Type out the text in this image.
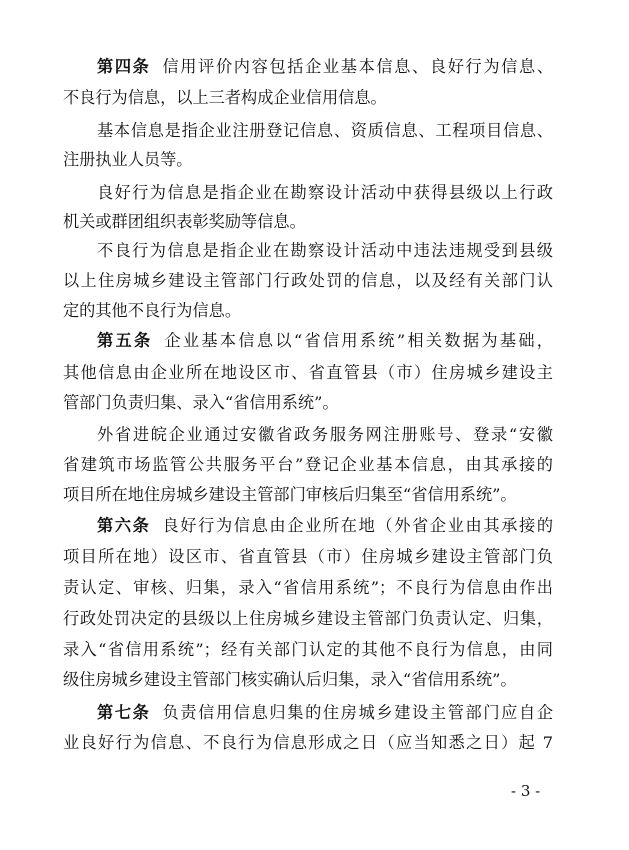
第四条 信用评价内容包括企业基本信息、良好行为信息、
不良行为信息，以上三者构成企业信用信息。
基本信息是指企业注册登记信息、资质信息、工程项目信息、
注册执业人员等。
良好行为信息是指企业在勘察设计活动中获得县级以上行政
机关或群团组织表彰奖励等信息。
不良行为信息是指企业在勘察设计活动中违法违规受到县级
以上住房城乡建设主管部门行政处罚的信息，以及经有关部门认
定的其他不良行为信息。
第五条 企业基本信息以“省信用系统”相关数据为基础，
其他信息由企业所在地设区市、省直管县（市）住房城乡建设主
管部门负责归集、录入“省信用系统”。
外省进皖企业通过安徽省政务服务网注册账号、登录“安徽
省建筑市场监管公共服务平台”登记企业基本信息，由其承接的
项目所在地住房城乡建设主管部门审核后归集至“省信用系统”。
第六条 良好行为信息由企业所在地（外省企业由其承接的
项目所在地）设区市、省直管县（市）住房城乡建设主管部门负
责认定、审核、归集，录入“省信用系统”；不良行为信息由作出
行政处罚决定的县级以上住房城乡建设主管部门负责认定、归集，
录入“省信用系统”；经有关部门认定的其他不良行为信息，由同
级住房城乡建设主管部门核实确认后归集，录入“省信用系统”。
第七条 负责信用信息归集的住房城乡建设主管部门应自企
业良好行为信息、不良行为信息形成之日（应当知悉之日）起 7
- 3 -
